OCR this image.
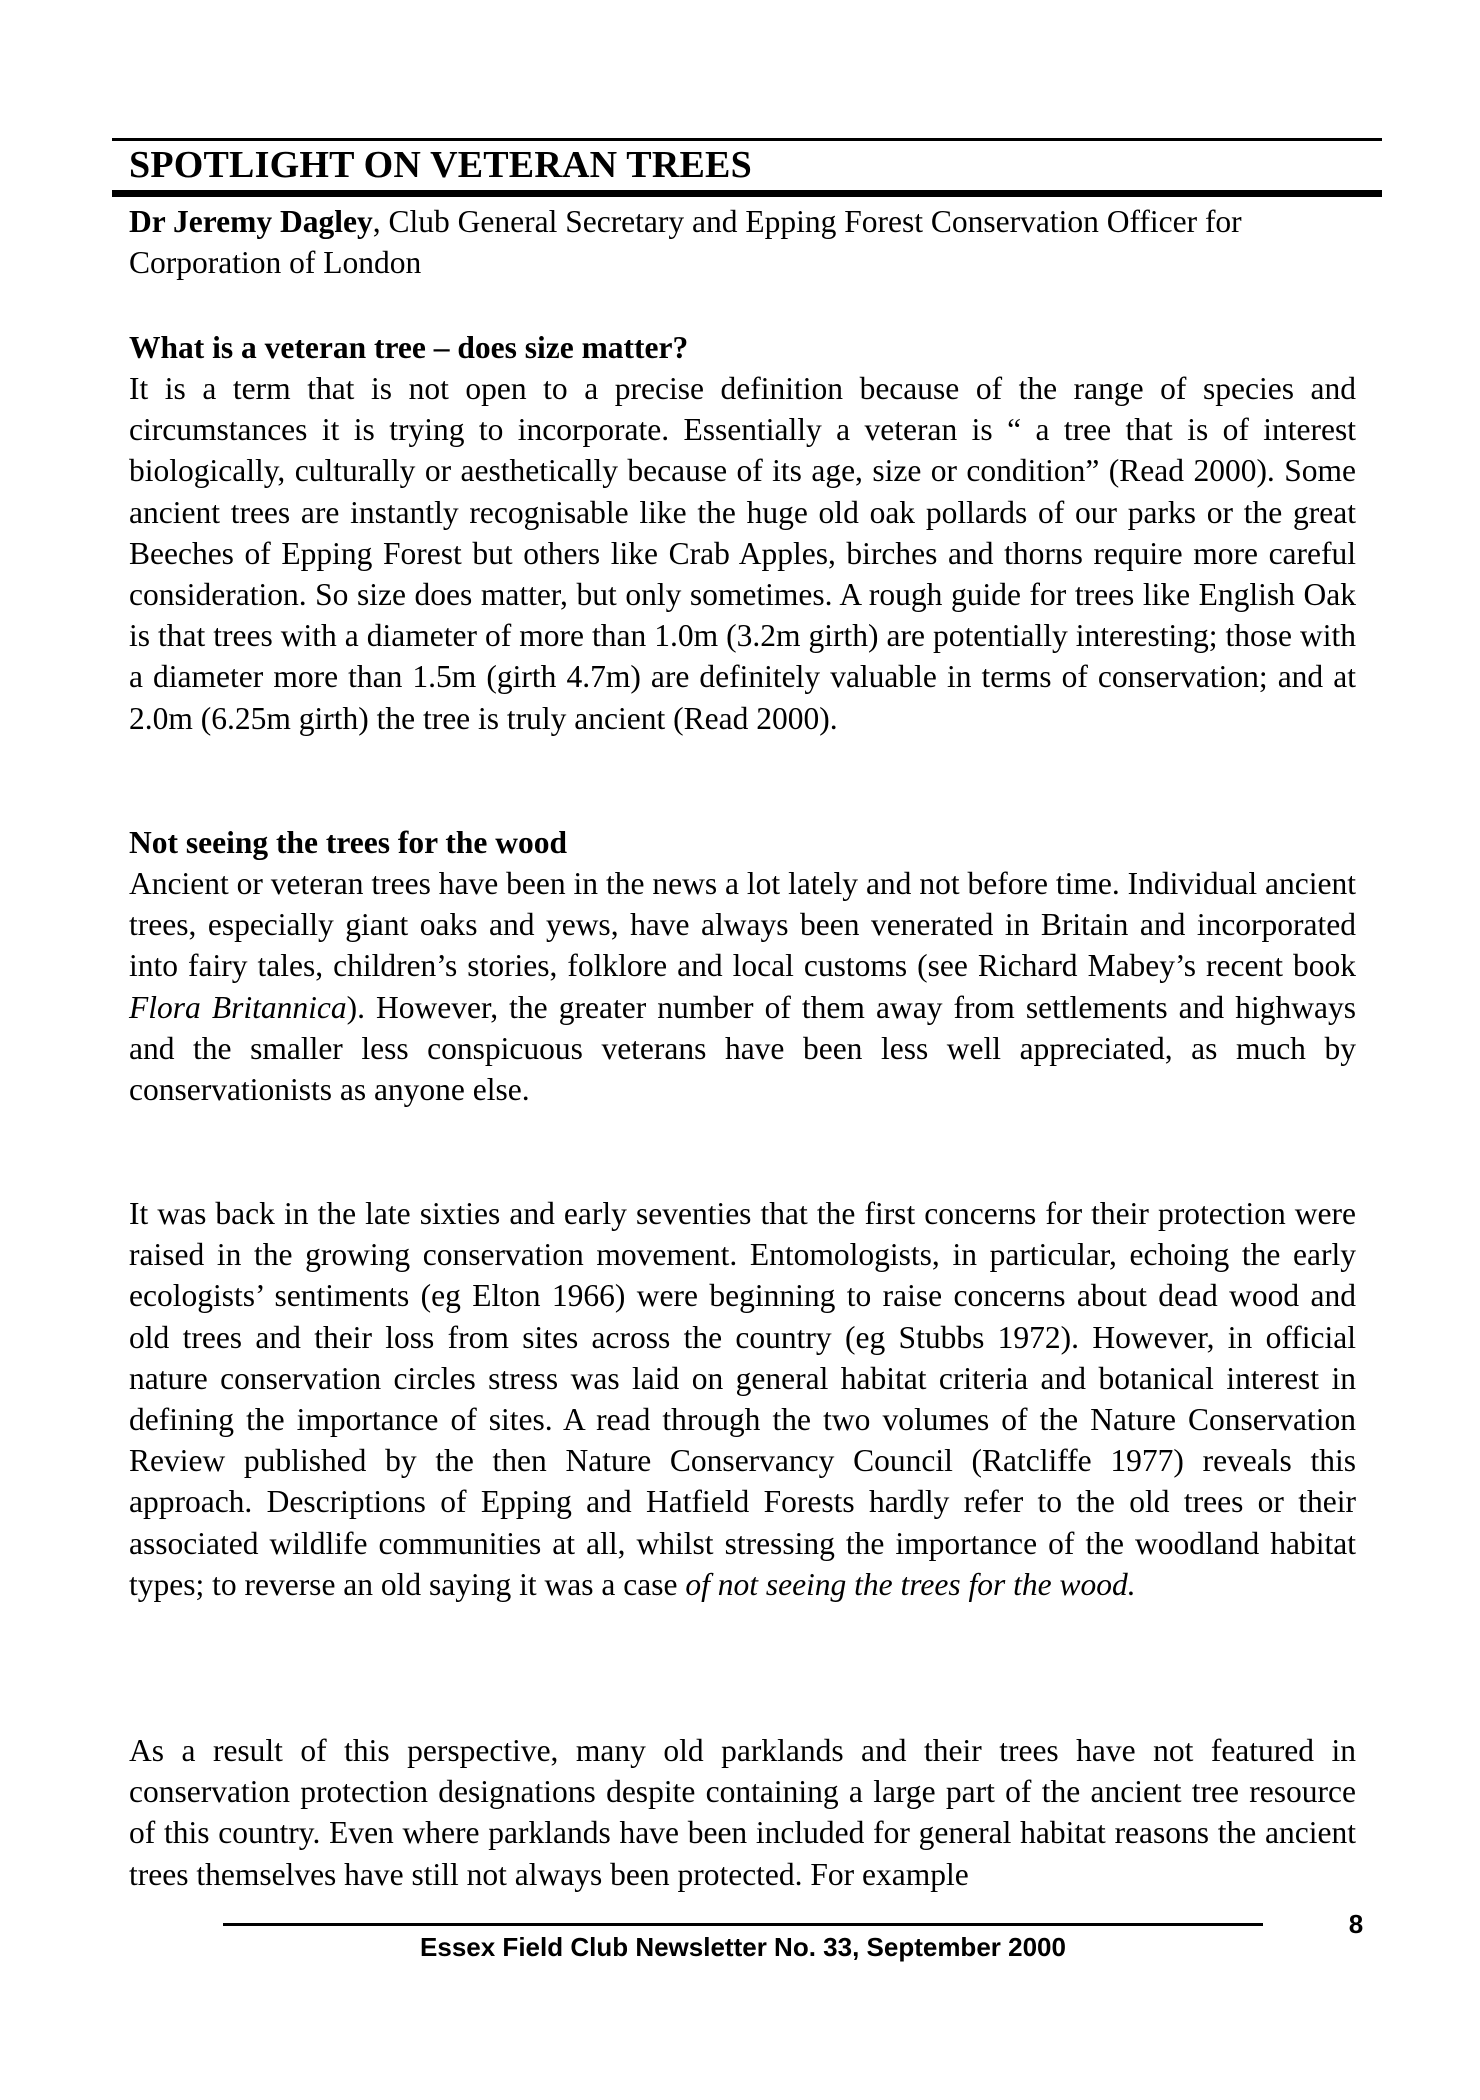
SPOTLIGHT ON VETERAN TREES
Dr Jeremy Dagley, Club General Secretary and Epping Forest Conservation Officer for Corporation of London
What is a veteran tree – does size matter?

It is a term that is not open to a precise definition because of the range of species and circumstances it is trying to incorporate. Essentially a veteran is “ a tree that is of interest biologically, culturally or aesthetically because of its age, size or condition” (Read 2000). Some ancient trees are instantly recognisable like the huge old oak pollards of our parks or the great Beeches of Epping Forest but others like Crab Apples, birches and thorns require more careful consideration. So size does matter, but only sometimes. A rough guide for trees like English Oak is that trees with a diameter of more than 1.0m (3.2m girth) are potentially interesting; those with a diameter more than 1.5m (girth 4.7m) are definitely valuable in terms of conservation; and at 2.0m (6.25m girth) the tree is truly ancient (Read 2000).

Not seeing the trees for the wood
Ancient or veteran trees have been in the news a lot lately and not before time. Individual ancient trees, especially giant oaks and yews, have always been venerated in Britain and incorporated into fairy tales, children’s stories, folklore and local customs (see Richard Mabey’s recent book Flora Britannica). However, the greater number of them away from settlements and highways and the smaller less conspicuous veterans have been less well appreciated, as much by conservationists as anyone else.
It was back in the late sixties and early seventies that the first concerns for their protection were raised in the growing conservation movement. Entomologists, in particular, echoing the early ecologists’ sentiments (eg Elton 1966) were beginning to raise concerns about dead wood and old trees and their loss from sites across the country (eg Stubbs 1972). However, in official nature conservation circles stress was laid on general habitat criteria and botanical interest in defining the importance of sites. A read through the two volumes of the Nature Conservation Review published by the then Nature Conservancy Council (Ratcliffe 1977) reveals this approach. Descriptions of Epping and Hatfield Forests hardly refer to the old trees or their associated wildlife communities at all, whilst stressing the importance of the woodland habitat types; to reverse an old saying it was a case of not seeing the trees for the wood.
As a result of this perspective, many old parklands and their trees have not featured in conservation protection designations despite containing a large part of the ancient tree resource of this country. Even where parklands have been included for general habitat reasons the ancient trees themselves have still not always been protected. For example
Essex Field Club Newsletter No. 33, September 2000
8
